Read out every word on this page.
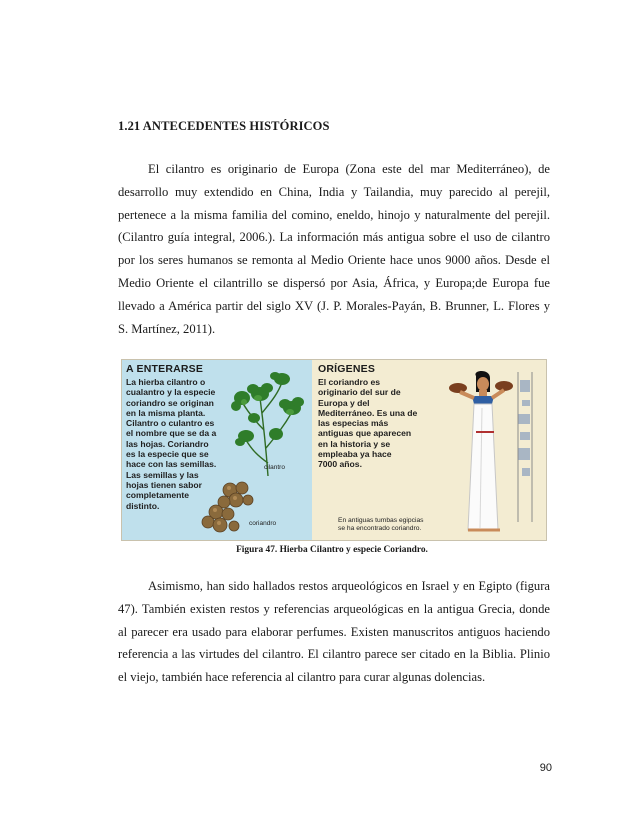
1.21 ANTECEDENTES HISTÓRICOS

El cilantro es originario de Europa (Zona este del mar Mediterráneo), de desarrollo muy extendido en China, India y Tailandia, muy parecido al perejil, pertenece a la misma familia del comino, eneldo, hinojo y naturalmente del perejil. (Cilantro guía integral, 2006.). La información más antigua sobre el uso de cilantro por los seres humanos se remonta al Medio Oriente hace unos 9000 años. Desde el Medio Oriente el cilantrillo se dispersó por Asia, África, y Europa;de Europa fue llevado a América partir del siglo XV (J. P. Morales-Payán, B. Brunner, L. Flores y S. Martínez, 2011).

A ENTERARSE
La hierba cilantro o
cualantro y la especie
coriandro se originan
en la misma planta.
Cilantro o culantro es
el nombre que se da a
las hojas. Coriandro
es la especie que se
hace con las semillas.
Las semillas y las
hojas tienen sabor
completamente
distinto.
cilantro
coriandro
ORÍGENES
El coriandro es
originario del sur de
Europa y del
Mediterráneo. Es una de
las especias más
antiguas que aparecen
en la historia y se
empleaba ya hace
7000 años.
En antiguas tumbas egipcias
se ha encontrado coriandro.
Figura 47. Hierba Cilantro y especie Coriandro.

Asimismo, han sido hallados restos arqueológicos en Israel y en Egipto (figura 47). También existen restos y referencias arqueológicas en la antigua Grecia, donde al parecer era usado para elaborar perfumes. Existen manuscritos antiguos haciendo referencia a las virtudes del cilantro. El cilantro parece ser citado en la Biblia. Plinio el viejo, también hace referencia al cilantro para curar algunas dolencias.

90
